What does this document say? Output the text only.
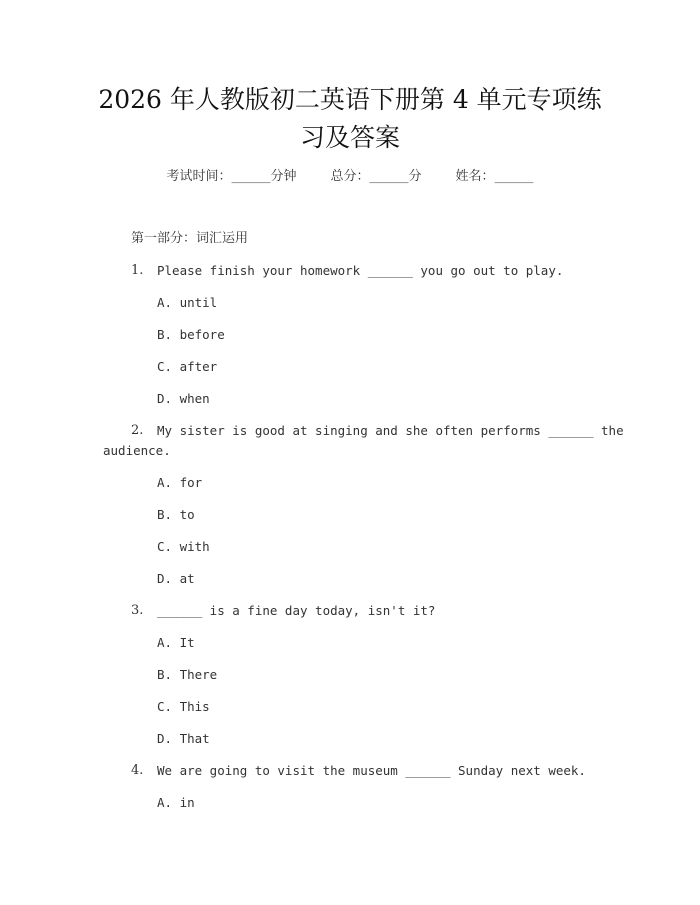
2026 年人教版初二英语下册第 4 单元专项练
习及答案
考试时间：______分钟	总分：______分	姓名：______
第一部分：词汇运用
1. Please finish your homework ______ you go out to play.
A. until
B. before
C. after
D. when
2. My sister is good at singing and she often performs ______ the
audience.
A. for
B. to
C. with
D. at
3. ______ is a fine day today, isn't it?
A. It
B. There
C. This
D. That
4. We are going to visit the museum ______ Sunday next week.
A. in
